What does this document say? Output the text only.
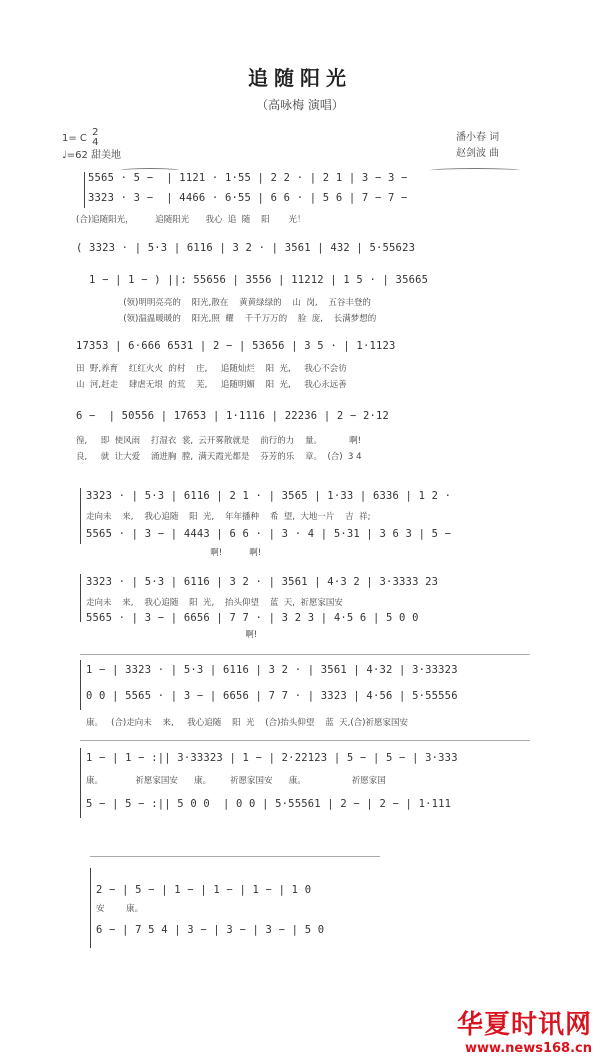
追随阳光
（高咏梅 演唱）
1= C 2
4
♩=62 甜美地
潘小春 词
赵剑波 曲
5565 · 5 −  | 1121 · 1·55 | 2 2 · | 2 1 | 3 − 3 −
3323 · 3 −  | 4466 · 6·55 | 6 6 · | 5 6 | 7 − 7 −
(合)追随阳光，        追随阳光      我心  追  随    阳       光！
( 3323 · | 5·3 | 6116 | 3 2 · | 3561 | 432 | 5·55623
1 − | 1 − ) ||: 55656 | 3556 | 11212 | 1 5 · | 35665
(领)明明亮亮的    阳光,散在    黄黄绿绿的    山  岗,    五谷丰登的
(领)温温暖暖的    阳光,照  耀    千千万万的    脸  庞,    长满梦想的
17353 | 6·666 6531 | 2 − | 53656 | 3 5 · | 1·1123
田  野,养育    红红火火  的村    庄,     追随灿烂    阳  光,     我心不会彷
山  河,赶走    肆虐无垠  的荒    芜,     追随明媚    阳  光,     我心永远善
6 −  | 50556 | 17653 | 1·1116 | 22236 | 2 − 2·12
徨,     即  使风雨    打湿衣  裳,  云开雾散就是    前行的力    量。          啊!
良,     就  让大爱    涌进胸  膛,  满天霞光都是    芬芳的乐    章。  (合)  3 4
3323 · | 5·3 | 6116 | 2 1 · | 3565 | 1·33 | 6336 | 1 2 ·
走向未    来,    我心追随    阳  光,    年年播种    希  望,  大地一片    吉  祥;
5565 · | 3 − | 4443 | 6 6 · | 3 · 4 | 5·31 | 3 6 3 | 5 −
啊!          啊!
3323 · | 5·3 | 6116 | 3 2 · | 3561 | 4·3 2 | 3·3333 23
走向未    来,    我心追随    阳  光,    抬头仰望    蓝  天,  祈愿家国安
5565 · | 3 − | 6656 | 7 7 · | 3 2 3 | 4·5 6 | 5 0 0
啊!
1 − | 3323 · | 5·3 | 6116 | 3 2 · | 3561 | 4·32 | 3·33323
0 0 | 5565 · | 3 − | 6656 | 7 7 · | 3323 | 4·56 | 5·55556
康。   (合)走向未    来,     我心追随    阳  光    (合)抬头仰望    蓝  天,(合)祈愿家国安
1 − | 1 − :|| 3·33323 | 1 − | 2·22123 | 5 − | 5 − | 3·333
康。            祈愿家国安      康。       祈愿家国安      康。                 祈愿家国
5 − | 5 − :|| 5 0 0  | 0 0 | 5·55561 | 2 − | 2 − | 1·111
2 − | 5 − | 1 − | 1 − | 1 − | 1 0
安        康。
6 − | 7 5 4 | 3 − | 3 − | 3 − | 5 0
华夏时讯网
www.news168.cn
